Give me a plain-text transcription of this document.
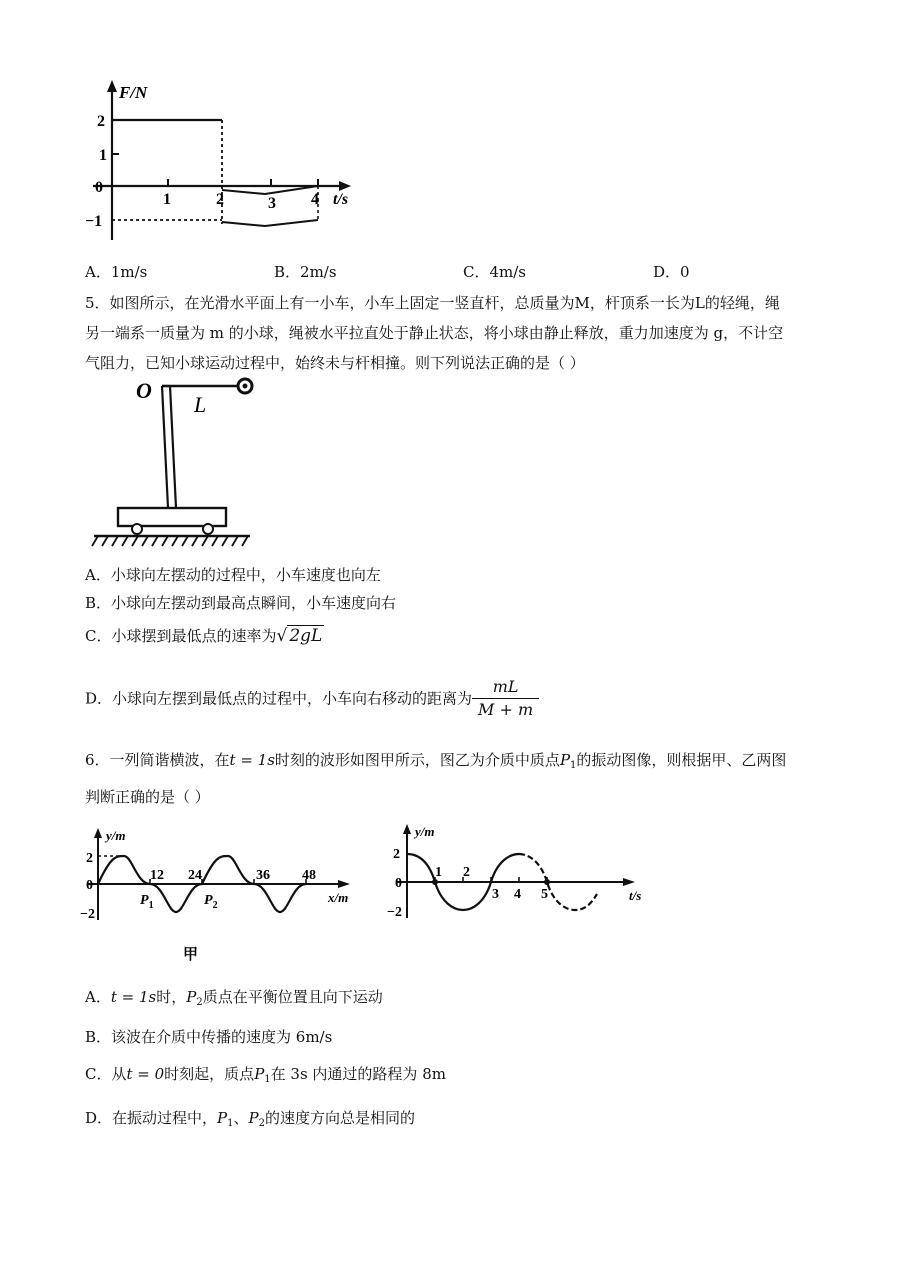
F/N
2
1
0
−1
1	2	3 4 t/s
A．1m/s	B．2m/s	C．4m/s	D．0
5．如图所示，在光滑水平面上有一小车，小车上固定一竖直杆，总质量为M，杆顶系一长为L的轻绳，绳
另一端系一质量为 m 的小球，绳被水平拉直处于静止状态，将小球由静止释放，重力加速度为 g，不计空
气阻力，已知小球运动过程中，始终未与杆相撞。则下列说法正确的是（ ）
O
L
A．小球向左摆动的过程中，小车速度也向左
B．小球向左摆动到最高点瞬间，小车速度向右
C．小球摆到最低点的速率为√ 2gL
D．小球向左摆到最低点的过程中，小车向右移动的距离为 $\frac{mL}{M + m}$
6．一列简谐横波，在t = 1s时刻的波形如图甲所示，图乙为介质中质点$P_1$的振动图像，则根据甲、乙两图
判断正确的是（ ）
y/m
2
0
−2
12 24	36 48
x/m
$P_1$	$P_2$
甲
y/m
2
0
−2
1 2
3 4 5	t/s
A．t = 1s时，$P_2$质点在平衡位置且向下运动
B．该波在介质中传播的速度为 6m/s
C．从t = 0时刻起，质点$P_1$在 3s 内通过的路程为 8m
D．在振动过程中，$P_1$、$P_2$的速度方向总是相同的
